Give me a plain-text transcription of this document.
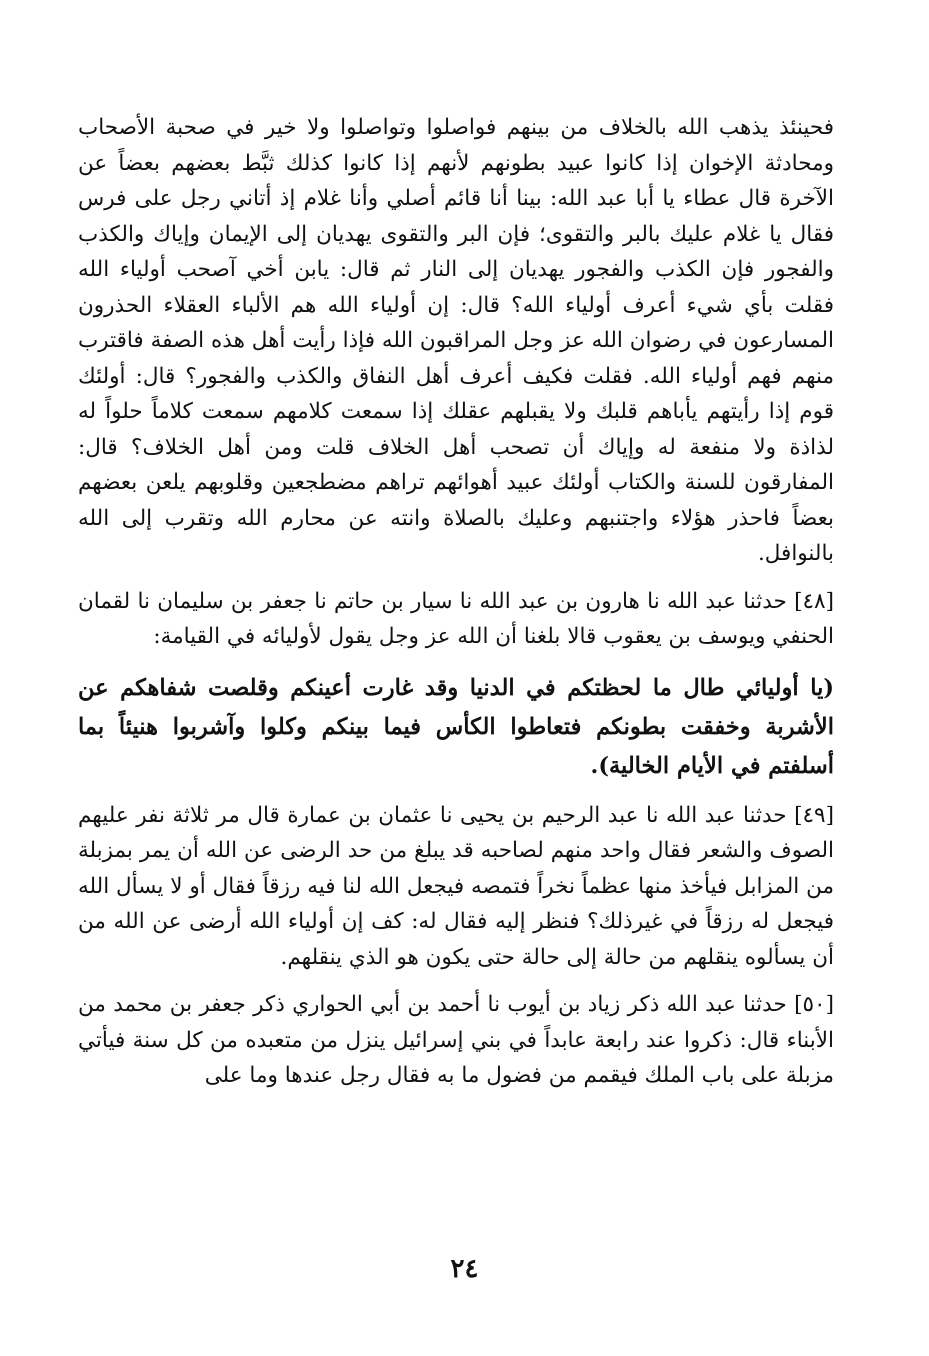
فحينئذ يذهب الله بالخلاف من بينهم فواصلوا وتواصلوا ولا خير في صحبة الأصحاب ومحادثة الإخوان إذا كانوا عبيد بطونهم لأنهم إذا كانوا كذلك ثبَّط بعضهم بعضاً عن الآخرة قال عطاء يا أبا عبد الله: بينا أنا قائم أصلي وأنا غلام إذ أتاني رجل على فرس فقال يا غلام عليك بالبر والتقوى؛ فإن البر والتقوى يهديان إلى الإيمان وإياك والكذب والفجور فإن الكذب والفجور يهديان إلى النار ثم قال: يابن أخي آصحب أولياء الله فقلت بأي شيء أعرف أولياء الله؟ قال: إن أولياء الله هم الألباء العقلاء الحذرون المسارعون في رضوان الله عز وجل المراقبون الله فإذا رأيت أهل هذه الصفة فاقترب منهم فهم أولياء الله. فقلت فكيف أعرف أهل النفاق والكذب والفجور؟ قال: أولئك قوم إذا رأيتهم يأباهم قلبك ولا يقبلهم عقلك إذا سمعت كلامهم سمعت كلاماً حلواً له لذاذة ولا منفعة له وإياك أن تصحب أهل الخلاف قلت ومن أهل الخلاف؟ قال: المفارقون للسنة والكتاب أولئك عبيد أهوائهم تراهم مضطجعين وقلوبهم يلعن بعضهم بعضاً فاحذر هؤلاء واجتنبهم وعليك بالصلاة وانته عن محارم الله وتقرب إلى الله بالنوافل.

[٤٨] حدثنا عبد الله نا هارون بن عبد الله نا سيار بن حاتم نا جعفر بن سليمان نا لقمان الحنفي ويوسف بن يعقوب قالا بلغنا أن الله عز وجل يقول لأوليائه في القيامة:

(يا أوليائي طال ما لحظتكم في الدنيا وقد غارت أعينكم وقلصت شفاهكم عن الأشربة وخفقت بطونكم فتعاطوا الكأس فيما بينكم وكلوا وآشربوا هنيئاً بما أسلفتم في الأيام الخالية).

[٤٩] حدثنا عبد الله نا عبد الرحيم بن يحيى نا عثمان بن عمارة قال مر ثلاثة نفر عليهم الصوف والشعر فقال واحد منهم لصاحبه قد يبلغ من حد الرضى عن الله أن يمر بمزبلة من المزابل فيأخذ منها عظماً نخراً فتمصه فيجعل الله لنا فيه رزقاً فقال أو لا يسأل الله فيجعل له رزقاً في غيرذلك؟ فنظر إليه فقال له: كف إن أولياء الله أرضى عن الله من أن يسألوه ينقلهم من حالة إلى حالة حتى يكون هو الذي ينقلهم.

[٥٠] حدثنا عبد الله ذكر زياد بن أيوب نا أحمد بن أبي الحواري ذكر جعفر بن محمد من الأبناء قال: ذكروا عند رابعة عابداً في بني إسرائيل ينزل من متعبده من كل سنة فيأتي مزبلة على باب الملك فيقمم من فضول ما به فقال رجل عندها وما على

٢٤
